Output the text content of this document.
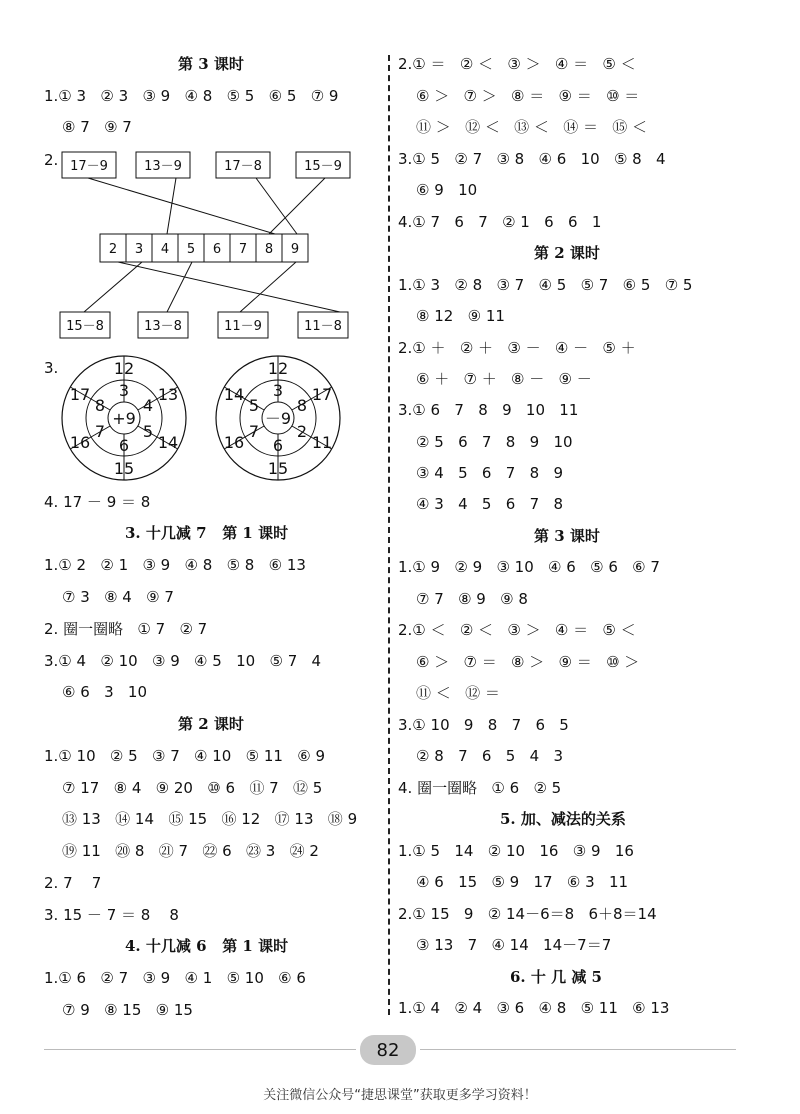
第 3 课时
1.① 3   ② 3   ③ 9   ④ 8   ⑤ 5   ⑥ 5   ⑦ 9
⑧ 7   ⑨ 7
2. 17－9	13－9	17－8	15－9
2 3 4 5 6 7 8 9
15－8	13－8	11－9	11－8
3.
+9
3
4
5
6
7
8
12
13
14
15
16
17
－9
3
8
2
6
7
5
12
17
11
15
16
14
4. 17 － 9 ＝ 8
3. 十几减 7   第 1 课时
1.① 2   ② 1   ③ 9   ④ 8   ⑤ 8   ⑥ 13
⑦ 3   ⑧ 4   ⑨ 7
2. 圈一圈略   ① 7   ② 7
3.① 4   ② 10   ③ 9   ④ 5   10   ⑤ 7   4
⑥ 6   3   10
第 2 课时
1.① 10   ② 5   ③ 7   ④ 10   ⑤ 11   ⑥ 9
⑦ 17   ⑧ 4   ⑨ 20   ⑩ 6   ⑪ 7   ⑫ 5
⑬ 13   ⑭ 14   ⑮ 15   ⑯ 12   ⑰ 13   ⑱ 9
⑲ 11   ⑳ 8   ㉑ 7   ㉒ 6   ㉓ 3   ㉔ 2
2. 7    7
3. 15 － 7 ＝ 8    8
4. 十几减 6   第 1 课时
1.① 6   ② 7   ③ 9   ④ 1   ⑤ 10   ⑥ 6
⑦ 9   ⑧ 15   ⑨ 15
2.① ＝   ② ＜   ③ ＞   ④ ＝   ⑤ ＜
⑥ ＞   ⑦ ＞   ⑧ ＝   ⑨ ＝   ⑩ ＝
⑪ ＞   ⑫ ＜   ⑬ ＜   ⑭ ＝   ⑮ ＜
3.① 5   ② 7   ③ 8   ④ 6   10   ⑤ 8   4
⑥ 9   10
4.① 7   6   7   ② 1   6   6   1
第 2 课时
1.① 3   ② 8   ③ 7   ④ 5   ⑤ 7   ⑥ 5   ⑦ 5
⑧ 12   ⑨ 11
2.① ＋   ② ＋   ③ －   ④ －   ⑤ ＋
⑥ ＋   ⑦ ＋   ⑧ －   ⑨ －
3.① 6   7   8   9   10   11
② 5   6   7   8   9   10
③ 4   5   6   7   8   9
④ 3   4   5   6   7   8
第 3 课时
1.① 9   ② 9   ③ 10   ④ 6   ⑤ 6   ⑥ 7
⑦ 7   ⑧ 9   ⑨ 8
2.① ＜   ② ＜   ③ ＞   ④ ＝   ⑤ ＜
⑥ ＞   ⑦ ＝   ⑧ ＞   ⑨ ＝   ⑩ ＞
⑪ ＜   ⑫ ＝
3.① 10   9   8   7   6   5
② 8   7   6   5   4   3
4. 圈一圈略   ① 6   ② 5
5. 加、减法的关系
1.① 5   14   ② 10   16   ③ 9   16
④ 6   15   ⑤ 9   17   ⑥ 3   11
2.① 15   9   ② 14－6＝8   6＋8＝14
③ 13   7   ④ 14   14－7＝7
6. 十 几 减 5
1.① 4   ② 4   ③ 6   ④ 8   ⑤ 11   ⑥ 13
82
关注微信公众号“捷思课堂”获取更多学习资料！
